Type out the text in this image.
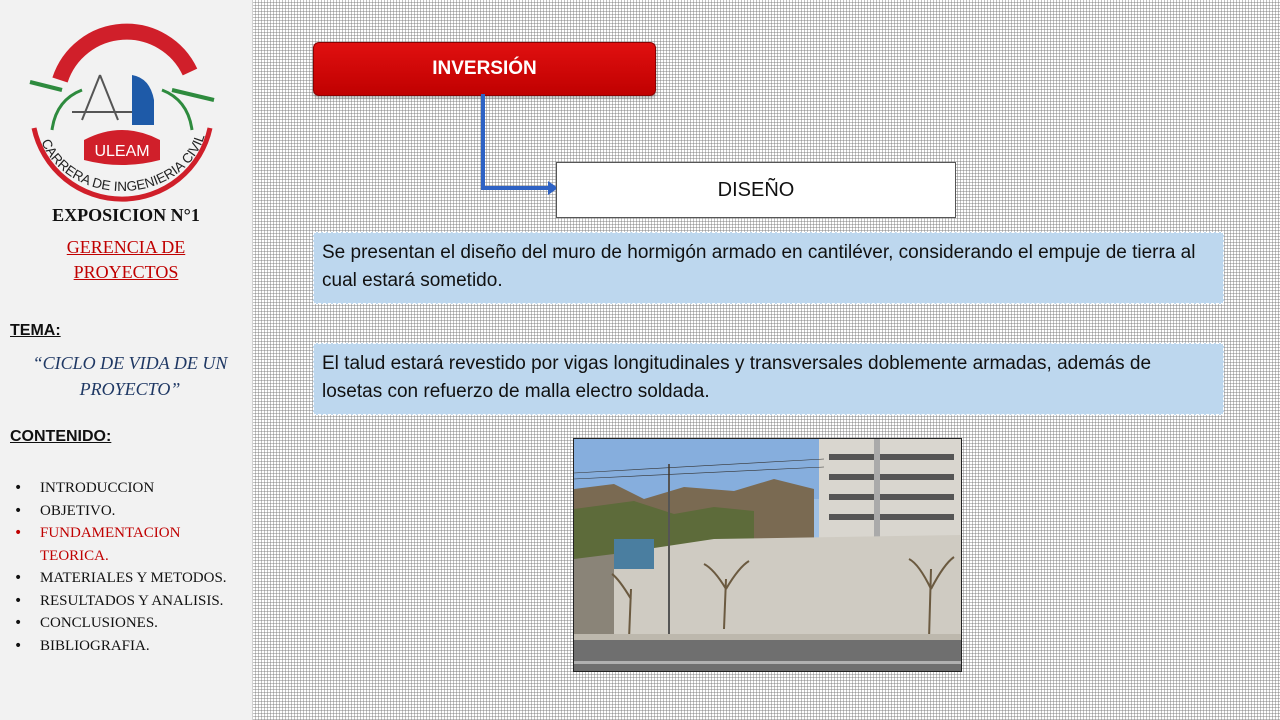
ULEAM
CARRERA DE INGENIERIA CIVIL
EXPOSICION N°1
GERENCIA DE PROYECTOS
TEMA:
“CICLO DE VIDA DE UN PROYECTO”
CONTENIDO:
• INTRODUCCION
• OBJETIVO.
• FUNDAMENTACION TEORICA.
• MATERIALES Y METODOS.
• RESULTADOS Y ANALISIS.
• CONCLUSIONES.
• BIBLIOGRAFIA.
INVERSIÓN
DISEÑO
Se presentan el diseño del muro de hormigón armado en cantiléver, considerando el empuje de tierra al cual estará sometido.
El talud estará revestido por vigas longitudinales y transversales doblemente armadas, además de losetas con refuerzo de malla electro soldada.
